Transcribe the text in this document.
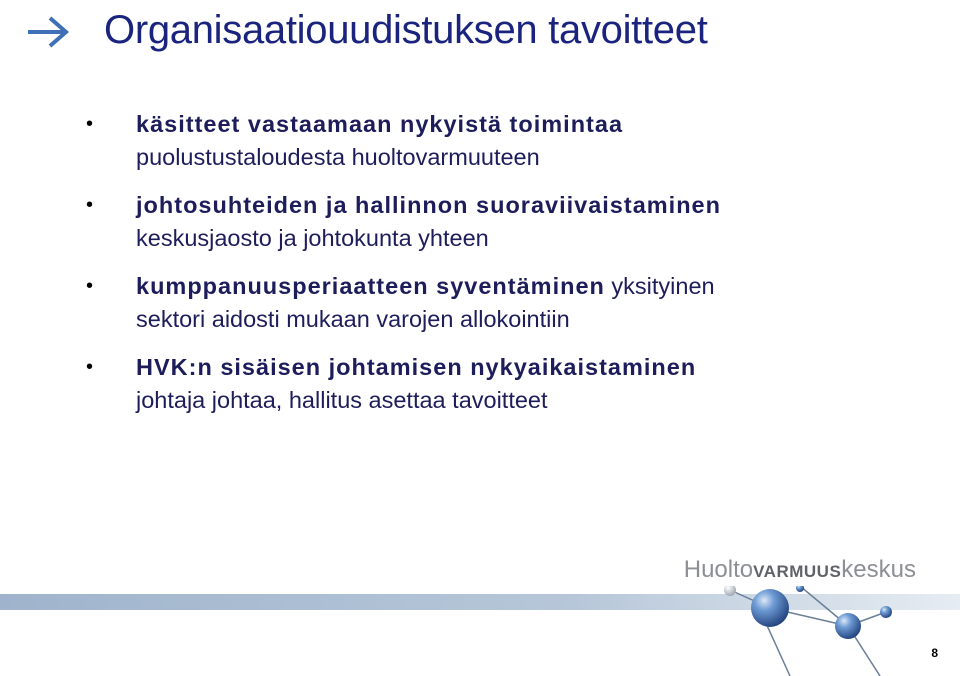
Organisaatiouudistuksen tavoitteet
•	käsitteet vastaamaan nykyistä toimintaa
puolustustaloudesta huoltovarmuuteen
•	johtosuhteiden ja hallinnon suoraviivaistaminen
keskusjaosto ja johtokunta yhteen
•	kumppanuusperiaatteen syventäminen yksityinen
sektori aidosti mukaan varojen allokointiin
•	HVK:n sisäisen johtamisen nykyaikaistaminen
johtaja johtaa, hallitus asettaa tavoitteet
HuoltoVARMUUSkeskus
8
